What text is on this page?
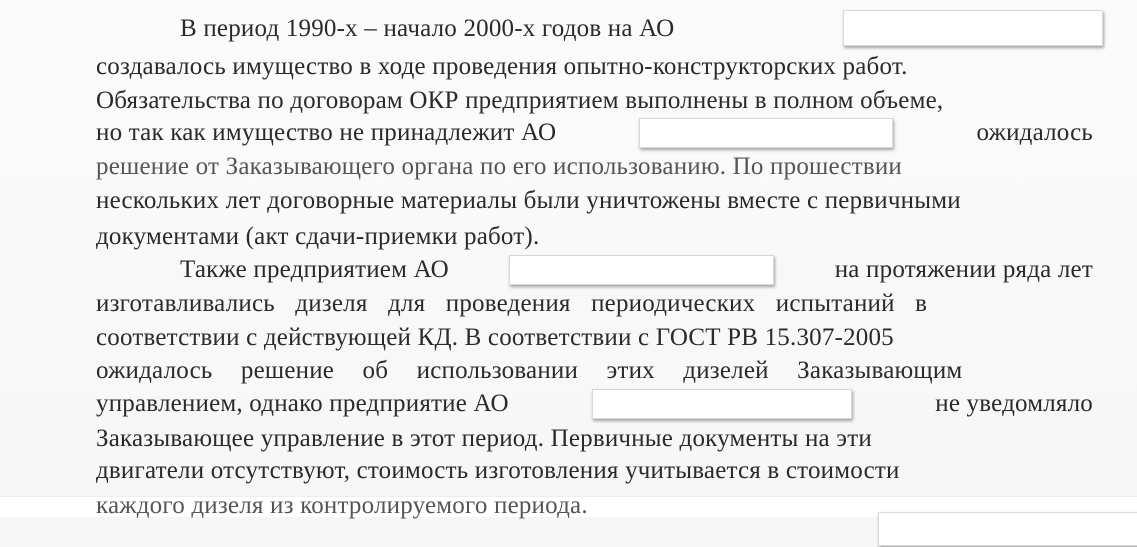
В период 1990-х – начало 2000-х годов на АО
создавалось имущество в ходе проведения опытно-конструкторских работ.
Обязательства по договорам ОКР предприятием выполнены в полном объеме,
но так как имущество не принадлежит АО	ожидалось
решение от Заказывающего органа по его использованию. По прошествии
нескольких лет договорные материалы были уничтожены вместе с первичными
документами (акт сдачи-приемки работ).
Также предприятием АО	на протяжении ряда лет
изготавливались дизеля для проведения периодических испытаний в
соответствии с действующей КД. В соответствии с ГОСТ РВ 15.307-2005
ожидалось решение об использовании этих дизелей Заказывающим
управлением, однако предприятие АО	не уведомляло
Заказывающее управление в этот период. Первичные документы на эти
двигатели отсутствуют, стоимость изготовления учитывается в стоимости
каждого дизеля из контролируемого периода.
